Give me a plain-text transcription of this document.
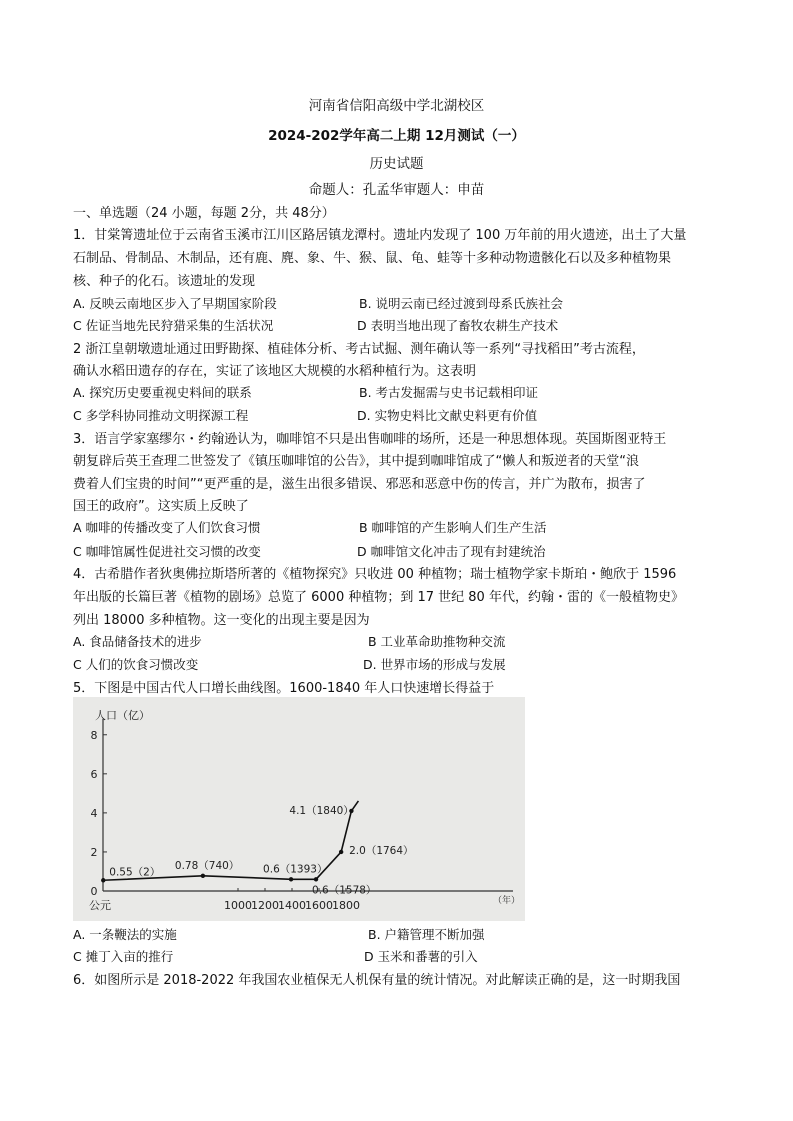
河南省信阳高级中学北湖校区
2024-202学年高二上期 12月测试（一）
历史试题
命题人：孔孟华审题人：申苗
一、单选题（24 小题，每题 2分，共 48分）
1．甘棠箐遗址位于云南省玉溪市江川区路居镇龙潭村。遗址内发现了 100 万年前的用火遗迹，出土了大量
石制品、骨制品、木制品，还有鹿、麂、象、牛、猴、鼠、龟、蛙等十多种动物遗骸化石以及多种植物果
核、种子的化石。该遗址的发现
A. 反映云南地区步入了早期国家阶段	B. 说明云南已经过渡到母系氏族社会
C 佐证当地先民狩猎采集的生活状况	D 表明当地出现了畜牧农耕生产技术
2 浙江皇朝墩遗址通过田野勘探、植硅体分析、考古试掘、测年确认等一系列“寻找稻田”考古流程，
确认水稻田遗存的存在，实证了该地区大规模的水稻种植行为。这表明
A. 探究历史要重视史料间的联系	B. 考古发掘需与史书记载相印证
C 多学科协同推动文明探源工程	D. 实物史料比文献史料更有价值
3．语言学家塞缪尔・约翰逊认为，咖啡馆不只是出售咖啡的场所，还是一种思想体现。英国斯图亚特王
朝复辟后英王查理二世签发了《镇压咖啡馆的公告》，其中提到咖啡馆成了“懒人和叛逆者的天堂“浪
费着人们宝贵的时间”“更严重的是，滋生出很多错误、邪恶和恶意中伤的传言，并广为散布，损害了
国王的政府”。这实质上反映了
A 咖啡的传播改变了人们饮食习惯	B 咖啡馆的产生影响人们生产生活
C 咖啡馆属性促进社交习惯的改变	D 咖啡馆文化冲击了现有封建统治
4．古希腊作者狄奥佛拉斯塔所著的《植物探究》只收进 00 种植物；瑞士植物学家卡斯珀・鲍欣于 1596
年出版的长篇巨著《植物的剧场》总览了 6000 种植物；到 17 世纪 80 年代，约翰・雷的《一般植物史》
列出 18000 多种植物。这一变化的出现主要是因为
A. 食品储备技术的进步	B 工业革命助推物种交流
C 人们的饮食习惯改变	D. 世界市场的形成与发展
5．下图是中国古代人口增长曲线图。1600-1840 年人口快速增长得益于
人口（亿）
（年）
公元
0
2
4
6
8
1000 1200 1400 1600 1800
0.55（2）
0.78（740） 0.6（1393）
0.6（1578）
2.0（1764）
4.1（1840）
A. 一条鞭法的实施	B. 户籍管理不断加强
C 摊丁入亩的推行	D 玉米和番薯的引入
6．如图所示是 2018-2022 年我国农业植保无人机保有量的统计情况。对此解读正确的是，这一时期我国
